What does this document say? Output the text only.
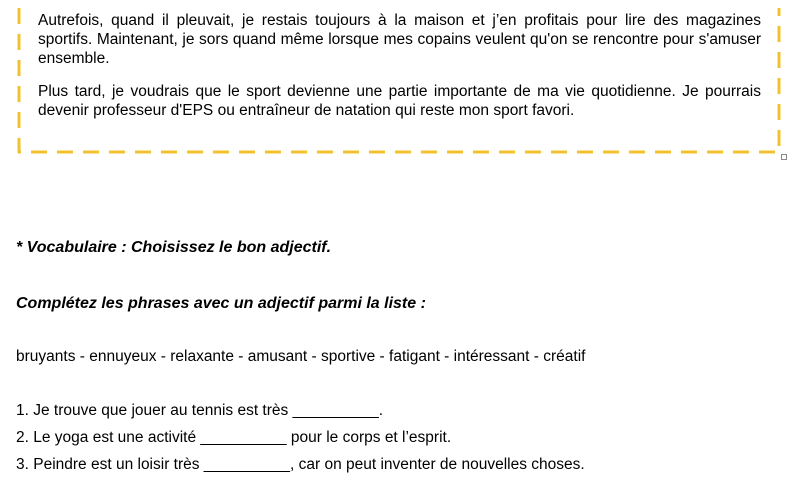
Autrefois, quand il pleuvait, je restais toujours à la maison et j’en profitais pour lire des magazines sportifs. Maintenant, je sors quand même lorsque mes copains veulent qu'on se rencontre pour s'amuser ensemble.

Plus tard, je voudrais que le sport devienne une partie importante de ma vie quotidienne. Je pourrais devenir professeur d'EPS ou entraîneur de natation qui reste mon sport favori.

* Vocabulaire : Choisissez le bon adjectif.

Complétez les phrases avec un adjectif parmi la liste :

bruyants - ennuyeux - relaxante - amusant - sportive - fatigant - intéressant - créatif

1. Je trouve que jouer au tennis est très __________.

2. Le yoga est une activité __________ pour le corps et l’esprit.

3. Peindre est un loisir très __________, car on peut inventer de nouvelles choses.
